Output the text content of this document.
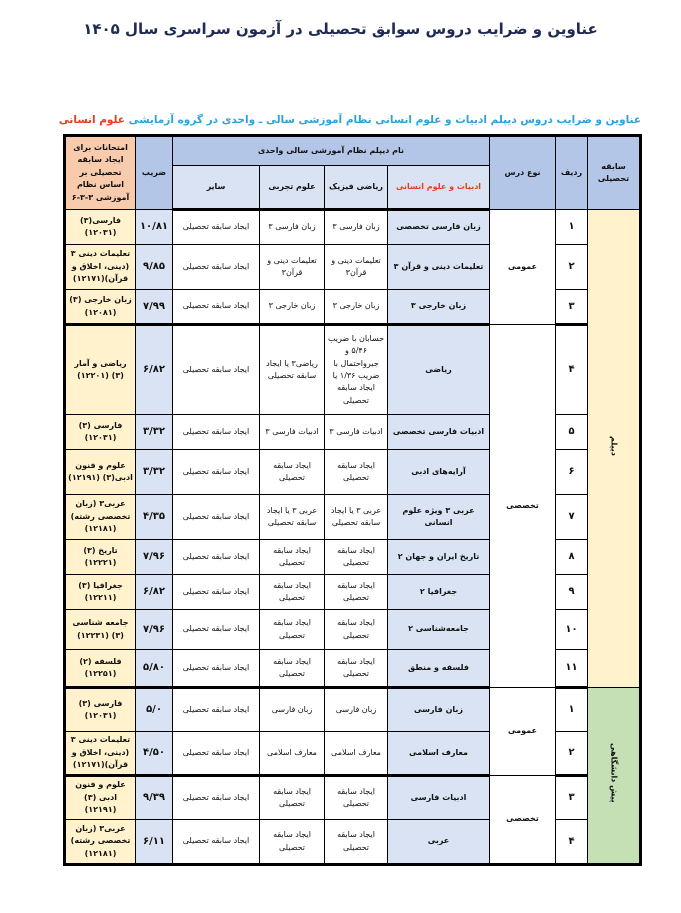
عناوین و ضرایب دروس سوابق تحصیلی در آزمون سراسری سال ۱۴۰۵
عناوین و ضرایب دروس دیپلم ادبیات و علوم انسانی نظام آموزشی سالی ـ واحدی در گروه آزمایشی علوم انسانی
سابقه تحصیلی	ردیف	نوع درس	نام دیپلم نظام آموزشی سالی واحدی				ضریب	امتحانات برای ایجاد سابقه تحصیلی بر اساس نظام آموزشی ۳-۳-۶
			ادبیات و علوم انسانی	ریاضی فیزیک	علوم تجربی	سایر		
دیپلم	۱	عمومی	زبان فارسی تخصصی	زبان فارسی ۳	زبان فارسی ۳	ایجاد سابقه تحصیلی	۱۰/۸۱	فارسی(۳) (۱۲۰۳۱)
	۲		تعلیمات دینی و قرآن ۳	تعلیمات دینی و قرآن۳	تعلیمات دینی و قرآن۳	ایجاد سابقه تحصیلی	۹/۸۵	تعلیمات دینی ۳ (دینی، اخلاق و قرآن)(۱۲۱۷۱)
	۳		زبان خارجی ۳	زبان خارجی ۳	زبان خارجی ۳	ایجاد سابقه تحصیلی	۷/۹۹	زبان خارجی (۳)(۱۲۰۸۱)
	۴	تخصصی	ریاضی	حسابان با ضریب ۵/۴۶ و جبرواحتمال با ضریب ۱/۳۶ یا ایجاد سابقه تحصیلی	ریاضی۳ یا ایجاد سابقه تحصیلی	ایجاد سابقه تحصیلی	۶/۸۲	ریاضی و آمار (۳) (۱۲۲۰۱)
	۵		ادبیات فارسی تخصصی	ادبیات فارسی ۳	ادبیات فارسی ۳	ایجاد سابقه تحصیلی	۳/۳۲	فارسی (۳) (۱۲۰۳۱)
	۶		آرایه‌های ادبی	ایجاد سابقه تحصیلی	ایجاد سابقه تحصیلی	ایجاد سابقه تحصیلی	۳/۳۲	علوم و فنون ادبی(۳) (۱۲۱۹۱)
	۷		عربی ۳ ویژه علوم انسانی	عربی ۳ یا ایجاد سابقه تحصیلی	عربی ۳ یا ایجاد سابقه تحصیلی	ایجاد سابقه تحصیلی	۴/۳۵	عربی۳ (زبان تخصصی رشته)(۱۲۱۸۱)
	۸		تاریخ ایران و جهان ۲	ایجاد سابقه تحصیلی	ایجاد سابقه تحصیلی	ایجاد سابقه تحصیلی	۷/۹۶	تاریخ (۳) (۱۲۲۲۱)
	۹		جغرافیا ۲	ایجاد سابقه تحصیلی	ایجاد سابقه تحصیلی	ایجاد سابقه تحصیلی	۶/۸۲	جغرافیا (۳) (۱۲۲۱۱)
	۱۰		جامعه‌شناسی ۲	ایجاد سابقه تحصیلی	ایجاد سابقه تحصیلی	ایجاد سابقه تحصیلی	۷/۹۶	جامعه شناسی (۳) (۱۲۲۳۱)
	۱۱		فلسفه و منطق	ایجاد سابقه تحصیلی	ایجاد سابقه تحصیلی	ایجاد سابقه تحصیلی	۵/۸۰	فلسفه (۲) (۱۲۲۵۱)
پیش دانشگاهی	۱	عمومی	زبان فارسی	زبان فارسی	زبان فارسی	ایجاد سابقه تحصیلی	۵/۰	فارسی (۳) (۱۲۰۳۱)
	۲		معارف اسلامی	معارف اسلامی	معارف اسلامی	ایجاد سابقه تحصیلی	۴/۵۰	تعلیمات دینی ۳ (دینی، اخلاق و قرآن)(۱۲۱۷۱)
	۳	تخصصی	ادبیات فارسی	ایجاد سابقه تحصیلی	ایجاد سابقه تحصیلی	ایجاد سابقه تحصیلی	۹/۳۹	علوم و فنون ادبی (۳) (۱۲۱۹۱)
	۴		عربی	ایجاد سابقه تحصیلی	ایجاد سابقه تحصیلی	ایجاد سابقه تحصیلی	۶/۱۱	عربی۳ (زبان تخصصی رشته)(۱۲۱۸۱)
